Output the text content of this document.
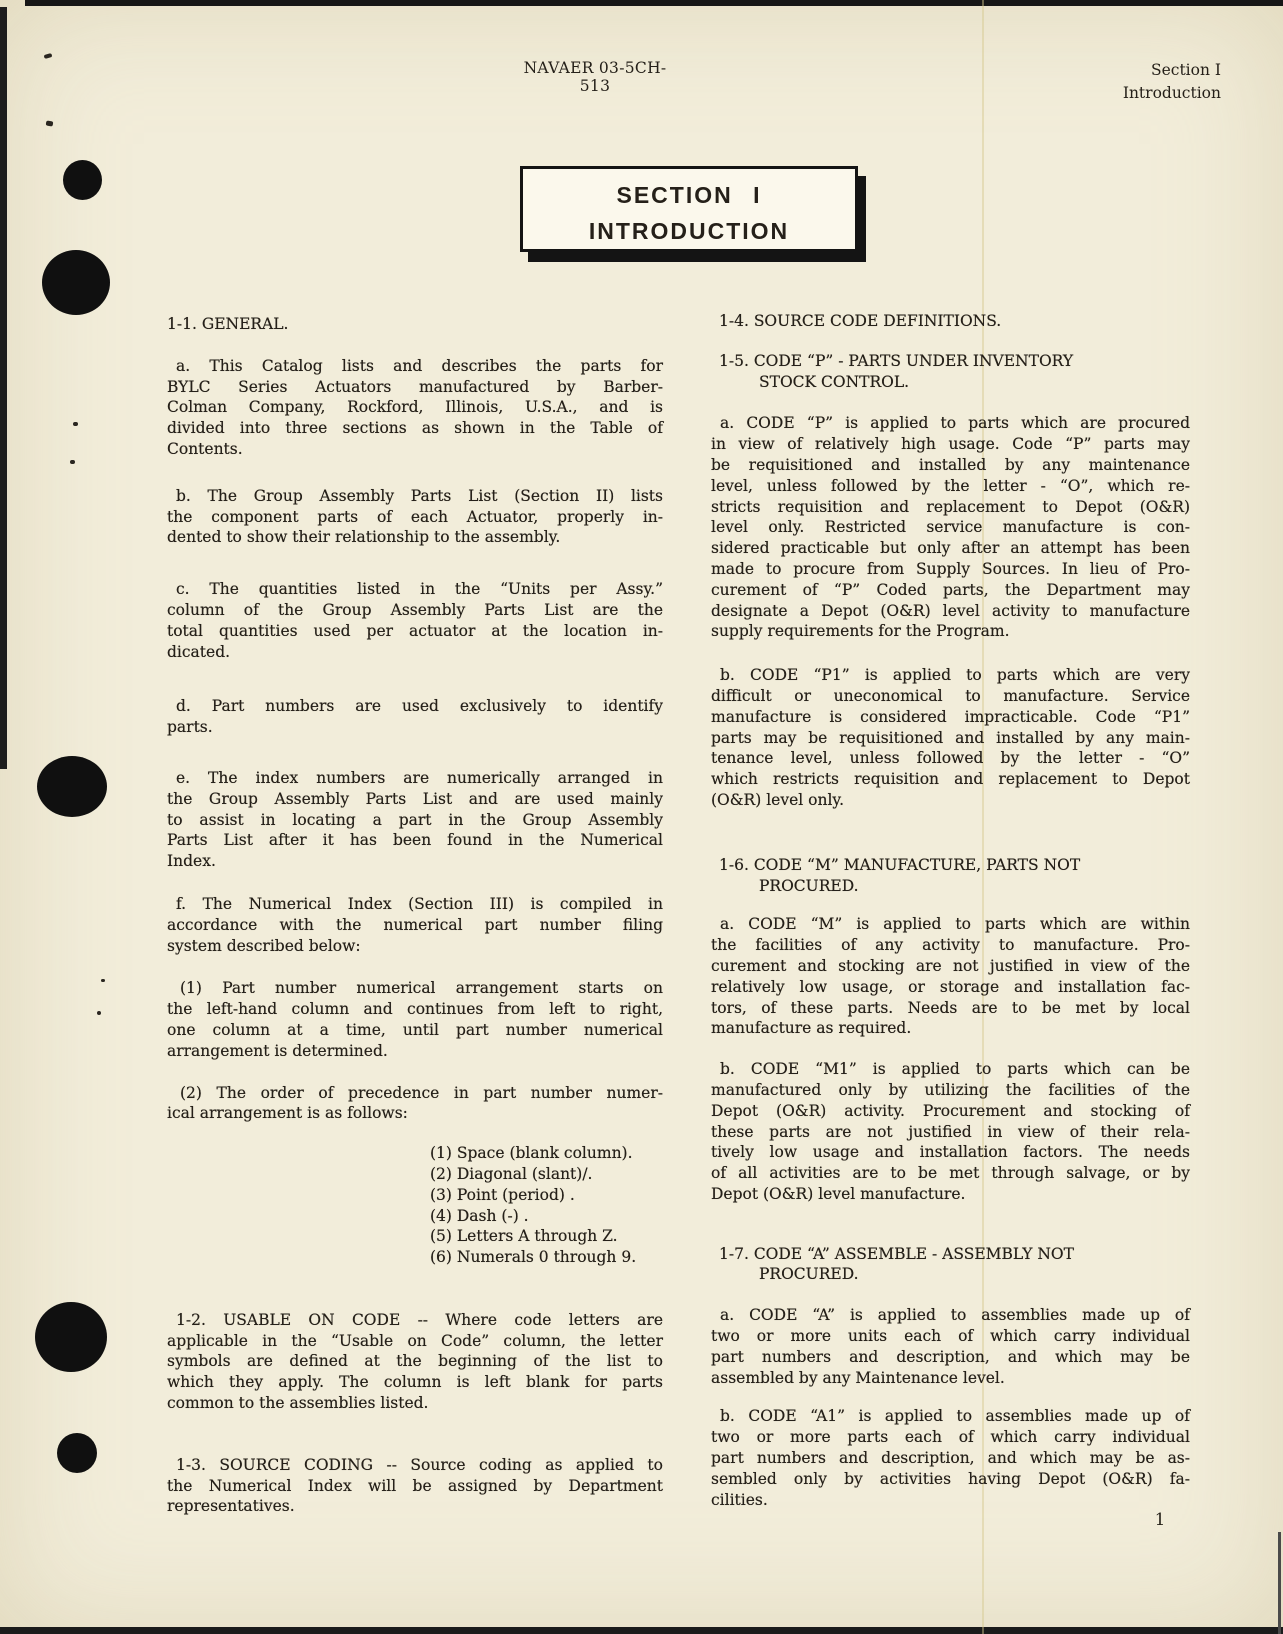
NAVAER 03-5CH-513
Section I
Introduction
SECTION I
INTRODUCTION
1-1. GENERAL.
a. This Catalog lists and describes the parts for
BYLC Series Actuators manufactured by Barber-
Colman Company, Rockford, Illinois, U.S.A., and is
divided into three sections as shown in the Table of
Contents.
b. The Group Assembly Parts List (Section II) lists
the component parts of each Actuator, properly in-
dented to show their relationship to the assembly.
c. The quantities listed in the “Units per Assy.”
column of the Group Assembly Parts List are the
total quantities used per actuator at the location in-
dicated.
d. Part numbers are used exclusively to identify
parts.
e. The index numbers are numerically arranged in
the Group Assembly Parts List and are used mainly
to assist in locating a part in the Group Assembly
Parts List after it has been found in the Numerical
Index.
f. The Numerical Index (Section III) is compiled in
accordance with the numerical part number filing
system described below:
(1) Part number numerical arrangement starts on
the left-hand column and continues from left to right,
one column at a time, until part number numerical
arrangement is determined.
(2) The order of precedence in part number numer-
ical arrangement is as follows:
(1) Space (blank column).
(2) Diagonal (slant)/.
(3) Point (period) .
(4) Dash (-) .
(5) Letters A through Z.
(6) Numerals 0 through 9.
1-2. USABLE ON CODE -- Where code letters are
applicable in the “Usable on Code” column, the letter
symbols are defined at the beginning of the list to
which they apply. The column is left blank for parts
common to the assemblies listed.
1-3. SOURCE CODING -- Source coding as applied to
the Numerical Index will be assigned by Department
representatives.
1-4. SOURCE CODE DEFINITIONS.
1-5. CODE “P” - PARTS UNDER INVENTORY
STOCK CONTROL.
a. CODE “P” is applied to parts which are procured
in view of relatively high usage. Code “P” parts may
be requisitioned and installed by any maintenance
level, unless followed by the letter - “O”, which re-
stricts requisition and replacement to Depot (O&R)
level only. Restricted service manufacture is con-
sidered practicable but only after an attempt has been
made to procure from Supply Sources. In lieu of Pro-
curement of “P” Coded parts, the Department may
designate a Depot (O&R) level activity to manufacture
supply requirements for the Program.
b. CODE “P1” is applied to parts which are very
difficult or uneconomical to manufacture. Service
manufacture is considered impracticable. Code “P1”
parts may be requisitioned and installed by any main-
tenance level, unless followed by the letter - “O”
which restricts requisition and replacement to Depot
(O&R) level only.
1-6. CODE “M” MANUFACTURE, PARTS NOT
PROCURED.
a. CODE “M” is applied to parts which are within
the facilities of any activity to manufacture. Pro-
curement and stocking are not justified in view of the
relatively low usage, or storage and installation fac-
tors, of these parts. Needs are to be met by local
manufacture as required.
b. CODE “M1” is applied to parts which can be
manufactured only by utilizing the facilities of the
Depot (O&R) activity. Procurement and stocking of
these parts are not justified in view of their rela-
tively low usage and installation factors. The needs
of all activities are to be met through salvage, or by
Depot (O&R) level manufacture.
1-7. CODE “A” ASSEMBLE - ASSEMBLY NOT
PROCURED.
a. CODE “A” is applied to assemblies made up of
two or more units each of which carry individual
part numbers and description, and which may be
assembled by any Maintenance level.
b. CODE “A1” is applied to assemblies made up of
two or more parts each of which carry individual
part numbers and description, and which may be as-
sembled only by activities having Depot (O&R) fa-
cilities.
1
